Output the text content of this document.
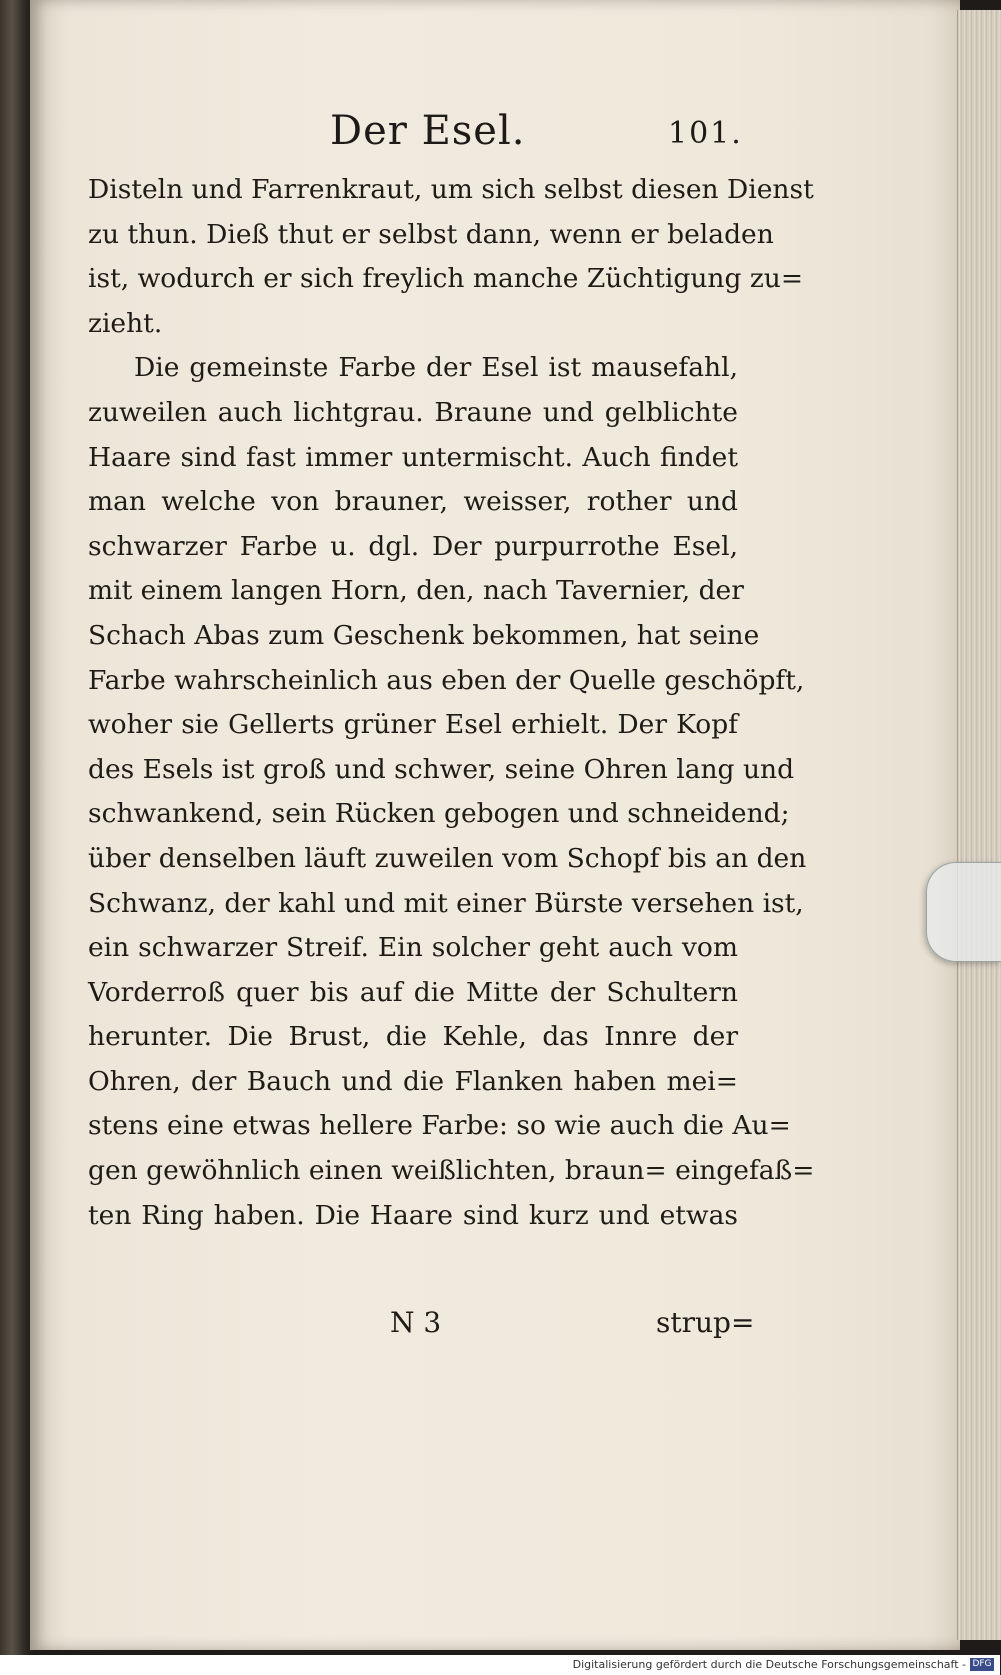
Der Esel.	101.
Disteln und Farrenkraut, um sich selbst diesen Dienst
zu thun. Dieß thut er selbst dann, wenn er beladen
ist, wodurch er sich freylich manche Züchtigung zu=
zieht.
Die gemeinste Farbe der Esel ist mausefahl,
zuweilen auch lichtgrau. Braune und gelblichte
Haare sind fast immer untermischt. Auch findet
man welche von brauner, weisser, rother und
schwarzer Farbe u. dgl. Der purpurrothe Esel,
mit einem langen Horn, den, nach Tavernier, der
Schach Abas zum Geschenk bekommen, hat seine
Farbe wahrscheinlich aus eben der Quelle geschöpft,
woher sie Gellerts grüner Esel erhielt. Der Kopf
des Esels ist groß und schwer, seine Ohren lang und
schwankend, sein Rücken gebogen und schneidend;
über denselben läuft zuweilen vom Schopf bis an den
Schwanz, der kahl und mit einer Bürste versehen ist,
ein schwarzer Streif. Ein solcher geht auch vom
Vorderroß quer bis auf die Mitte der Schultern
herunter. Die Brust, die Kehle, das Innre der
Ohren, der Bauch und die Flanken haben mei=
stens eine etwas hellere Farbe: so wie auch die Au=
gen gewöhnlich einen weißlichten, braun= eingefaß=
ten Ring haben. Die Haare sind kurz und etwas
N 3	strup=
Digitalisierung gefördert durch die Deutsche Forschungsgemeinschaft - DFG
